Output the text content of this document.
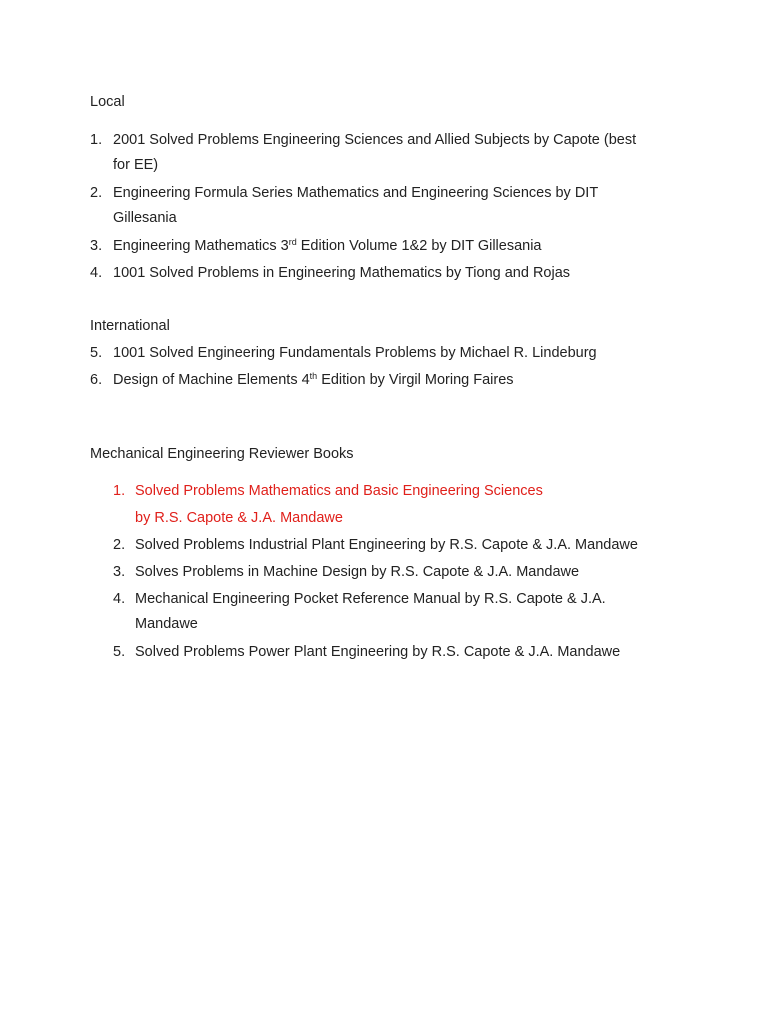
Local
1. 2001 Solved Problems Engineering Sciences and Allied Subjects by Capote (best
for EE)
2. Engineering Formula Series Mathematics and Engineering Sciences by DIT
Gillesania
3. Engineering Mathematics 3rd Edition Volume 1&2 by DIT Gillesania
4. 1001 Solved Problems in Engineering Mathematics by Tiong and Rojas
International
5. 1001 Solved Engineering Fundamentals Problems by Michael R. Lindeburg
6. Design of Machine Elements 4th Edition by Virgil Moring Faires
Mechanical Engineering Reviewer Books
1. Solved Problems Mathematics and Basic Engineering Sciences
by R.S. Capote & J.A. Mandawe
2. Solved Problems Industrial Plant Engineering by R.S. Capote & J.A. Mandawe
3. Solves Problems in Machine Design by R.S. Capote & J.A. Mandawe
4. Mechanical Engineering Pocket Reference Manual by R.S. Capote & J.A.
Mandawe
5. Solved Problems Power Plant Engineering by R.S. Capote & J.A. Mandawe
